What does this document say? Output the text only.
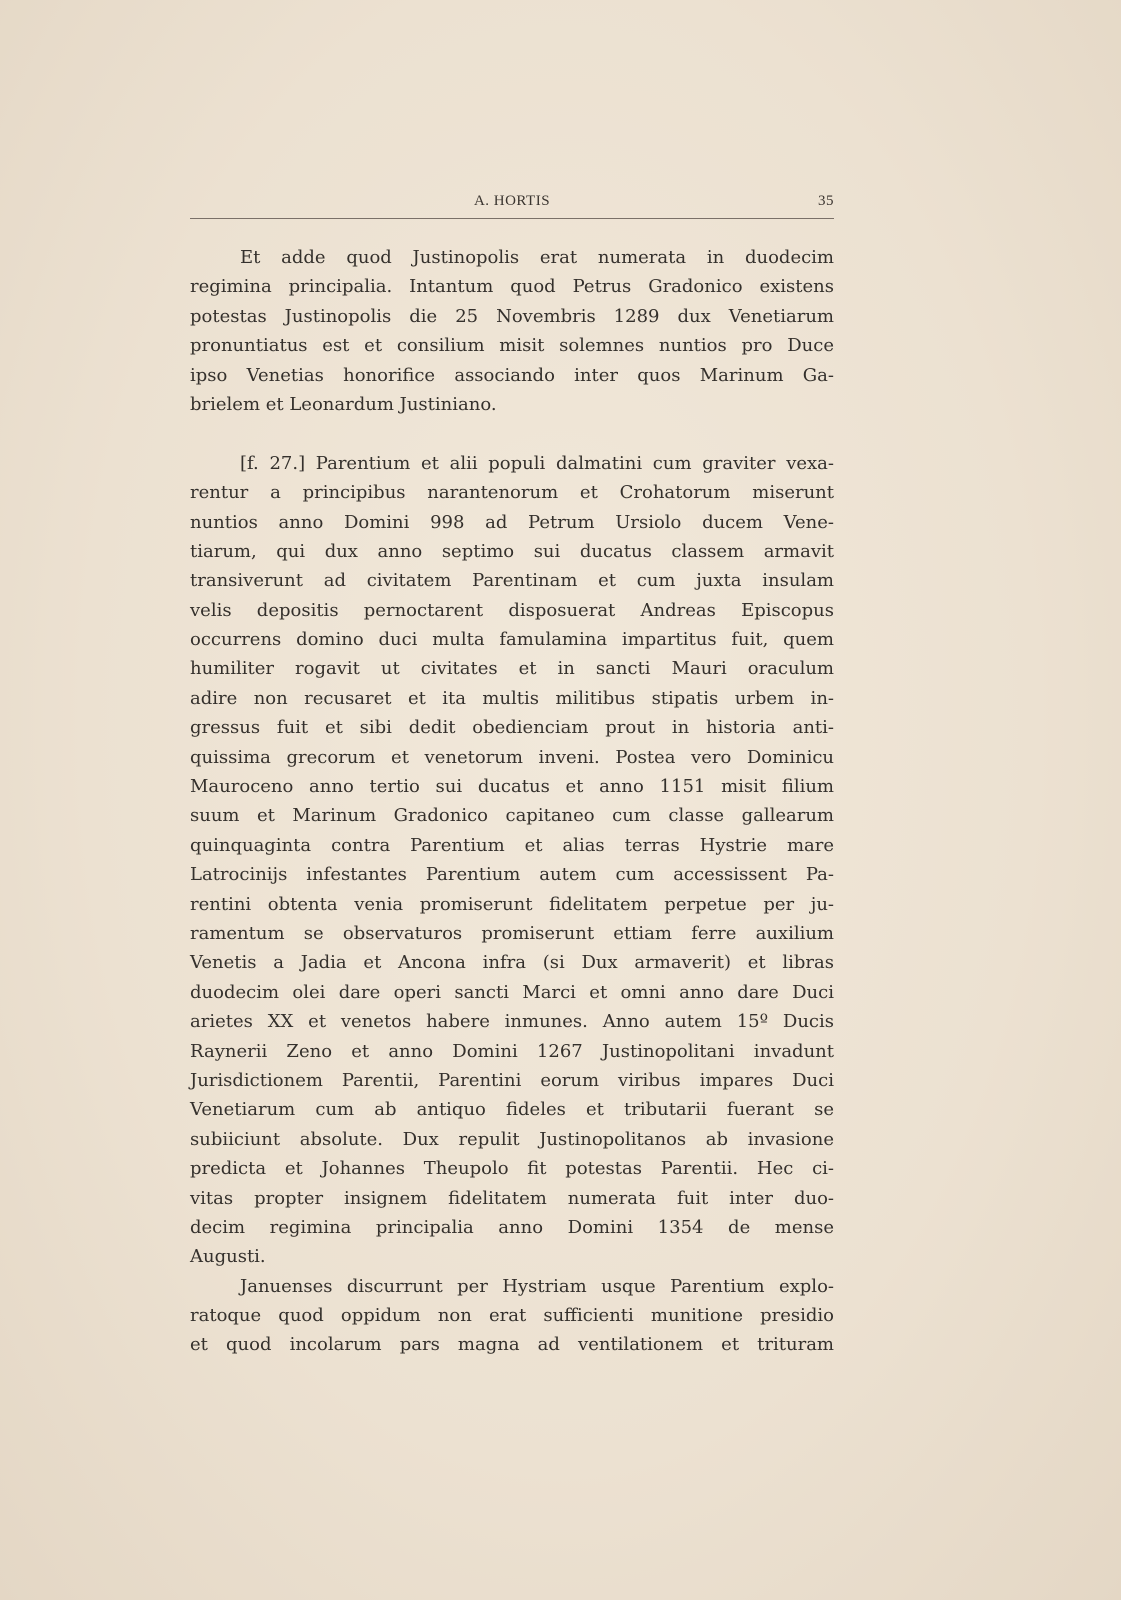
A. HORTIS	35
Et adde quod Justinopolis erat numerata in duodecim
regimina principalia. Intantum quod Petrus Gradonico existens
potestas Justinopolis die 25 Novembris 1289 dux Venetiarum
pronuntiatus est et consilium misit solemnes nuntios pro Duce
ipso Venetias honorifice associando inter quos Marinum Ga-
brielem et Leonardum Justiniano.
[f. 27.] Parentium et alii populi dalmatini cum graviter vexa-
rentur a principibus narantenorum et Crohatorum miserunt
nuntios anno Domini 998 ad Petrum Ursiolo ducem Vene-
tiarum, qui dux anno septimo sui ducatus classem armavit
transiverunt ad civitatem Parentinam et cum juxta insulam
velis depositis pernoctarent disposuerat Andreas Episcopus
occurrens domino duci multa famulamina impartitus fuit, quem
humiliter rogavit ut civitates et in sancti Mauri oraculum
adire non recusaret et ita multis militibus stipatis urbem in-
gressus fuit et sibi dedit obedienciam prout in historia anti-
quissima grecorum et venetorum inveni. Postea vero Dominicu
Mauroceno anno tertio sui ducatus et anno 1151 misit filium
suum et Marinum Gradonico capitaneo cum classe gallearum
quinquaginta contra Parentium et alias terras Hystrie mare
Latrocinijs infestantes Parentium autem cum accessissent Pa-
rentini obtenta venia promiserunt fidelitatem perpetue per ju-
ramentum se observaturos promiserunt ettiam ferre auxilium
Venetis a Jadia et Ancona infra (si Dux armaverit) et libras
duodecim olei dare operi sancti Marci et omni anno dare Duci
arietes XX et venetos habere inmunes. Anno autem 15º Ducis
Raynerii Zeno et anno Domini 1267 Justinopolitani invadunt
Jurisdictionem Parentii, Parentini eorum viribus impares Duci
Venetiarum cum ab antiquo fideles et tributarii fuerant se
subiiciunt absolute. Dux repulit Justinopolitanos ab invasione
predicta et Johannes Theupolo fit potestas Parentii. Hec ci-
vitas propter insignem fidelitatem numerata fuit inter duo-
decim regimina principalia anno Domini 1354 de mense
Augusti.
Januenses discurrunt per Hystriam usque Parentium explo-
ratoque quod oppidum non erat sufficienti munitione presidio
et quod incolarum pars magna ad ventilationem et trituram
